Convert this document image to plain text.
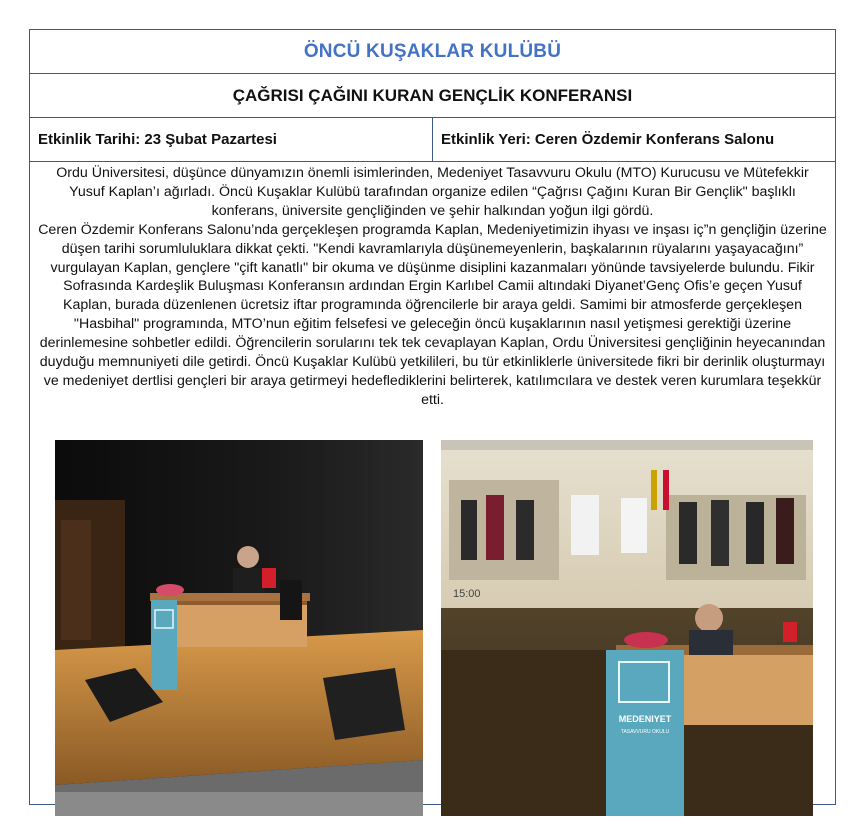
ÖNCÜ KUŞAKLAR KULÜBÜ
ÇAĞRISI ÇAĞINI KURAN GENÇLİK KONFERANSI
Etkinlik Tarihi: 23 Şubat Pazartesi	Etkinlik Yeri: Ceren Özdemir Konferans Salonu
Ordu Üniversitesi, düşünce dünyamızın önemli isimlerinden, Medeniyet Tasavvuru Okulu (MTO) Kurucusu ve Mütefekkir Yusuf Kaplan’ı ağırladı. Öncü Kuşaklar Kulübü tarafından organize edilen “Çağrısı Çağını Kuran Bir Gençlik" başlıklı konferans, üniversite gençliğinden ve şehir halkından yoğun ilgi gördü.
Ceren Özdemir Konferans Salonu’nda gerçekleşen programda Kaplan, Medeniyetimizin ihyası ve inşası iç”n gençliğin üzerine düşen tarihi sorumluluklara dikkat çekti. "Kendi kavramlarıyla düşünemeyenlerin, başkalarının rüyalarını yaşayacağını” vurgulayan Kaplan, gençlere "çift kanatlı" bir okuma ve düşünme disiplini kazanmaları yönünde tavsiyelerde bulundu. Fikir Sofrasında Kardeşlik Buluşması Konferansın ardından Ergin Karlıbel Camii altındaki Diyanet’Genç Ofis’e geçen Yusuf Kaplan, burada düzenlenen ücretsiz iftar programında öğrencilerle bir araya geldi. Samimi bir atmosferde gerçekleşen "Hasbihal" programında, MTO’nun eğitim felsefesi ve geleceğin öncü kuşaklarının nasıl yetişmesi gerektiği üzerine derinlemesine sohbetler edildi. Öğrencilerin sorularını tek tek cevaplayan Kaplan, Ordu Üniversitesi gençliğinin heyecanından duyduğu memnuniyeti dile getirdi. Öncü Kuşaklar Kulübü yetkilileri, bu tür etkinliklerle üniversitede fikri bir derinlik oluşturmayı ve medeniyet dertlisi gençleri bir araya getirmeyi hedeflediklerini belirterek, katılımcılara ve destek veren kurumlara teşekkür etti.
15:00
MEDENIYET
TASAVVURU OKULU
